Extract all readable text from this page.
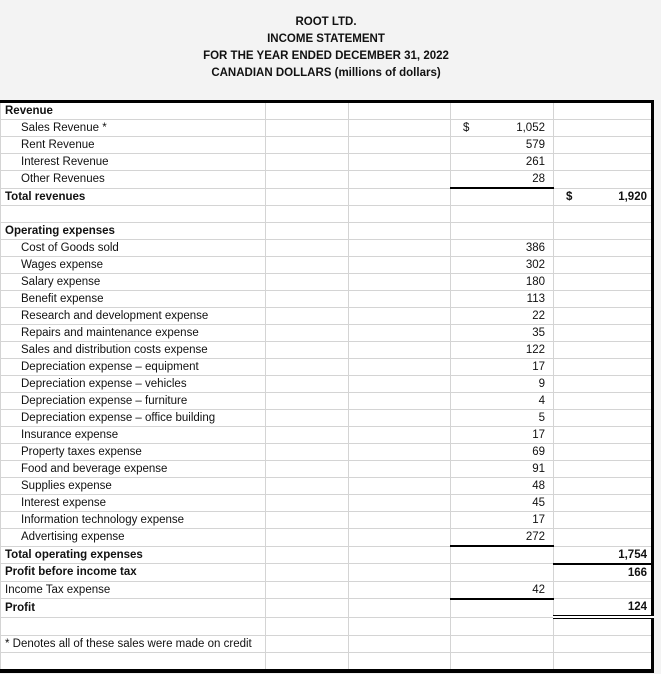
ROOT LTD.
INCOME STATEMENT
FOR THE YEAR ENDED DECEMBER 31, 2022
CANADIAN DOLLARS (millions of dollars)
Revenue				
Sales Revenue *			$ 1,052	

Rent Revenue			579	
Interest Revenue			261	
Other Revenues			28	
Total revenues				$ 1,920

Operating expenses				
Cost of Goods sold			386	
Wages expense			302	
Salary expense			180	
Benefit expense			113	
Research and development expense			22	
Repairs and maintenance expense			35	
Sales and distribution costs expense			122	
Depreciation expense – equipment			17	
Depreciation expense – vehicles			9	
Depreciation expense – furniture			4	
Depreciation expense – office building			5	
Insurance expense			17	
Property taxes expense			69	
Food and beverage expense			91	
Supplies expense			48	
Interest expense			45	
Information technology expense			17	
Advertising expense			272	
Total operating expenses				1,754
Profit before income tax				166
Income Tax expense			42	
Profit				124

* Denotes all of these sales were made on credit				
